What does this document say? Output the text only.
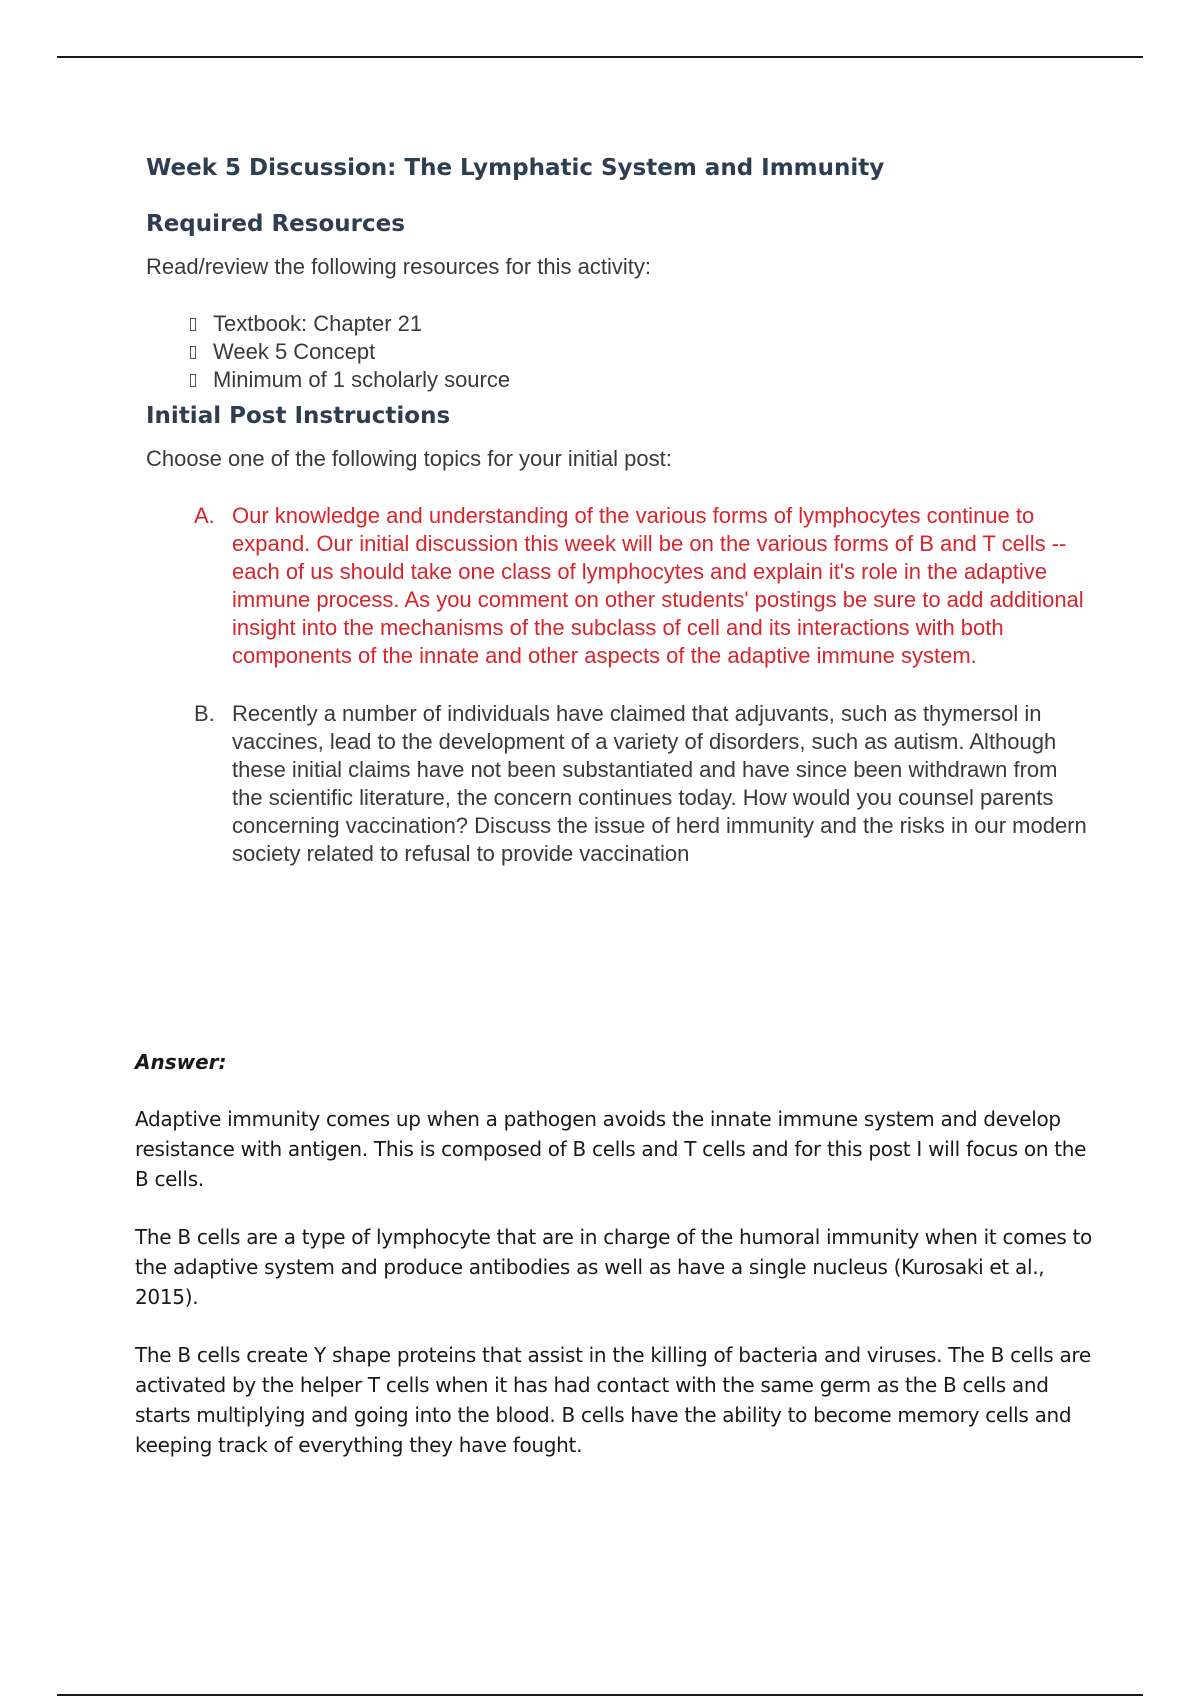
Week 5 Discussion: The Lymphatic System and Immunity
Required Resources

Read/review the following resources for this activity:

Textbook: Chapter 21
Week 5 Concept
Minimum of 1 scholarly source
Initial Post Instructions

Choose one of the following topics for your initial post:

A. Our knowledge and understanding of the various forms of lymphocytes continue to expand. Our initial discussion this week will be on the various forms of B and T cells -- each of us should take one class of lymphocytes and explain it's role in the adaptive immune process. As you comment on other students' postings be sure to add additional insight into the mechanisms of the subclass of cell and its interactions with both components of the innate and other aspects of the adaptive immune system.
B. Recently a number of individuals have claimed that adjuvants, such as thymersol in vaccines, lead to the development of a variety of disorders, such as autism. Although these initial claims have not been substantiated and have since been withdrawn from the scientific literature, the concern continues today. How would you counsel parents concerning vaccination? Discuss the issue of herd immunity and the risks in our modern society related to refusal to provide vaccination

Answer:

Adaptive immunity comes up when a pathogen avoids the innate immune system and develop resistance with antigen. This is composed of B cells and T cells and for this post I will focus on the B cells.

The B cells are a type of lymphocyte that are in charge of the humoral immunity when it comes to the adaptive system and produce antibodies as well as have a single nucleus (Kurosaki et al., 2015).

The B cells create Y shape proteins that assist in the killing of bacteria and viruses. The B cells are activated by the helper T cells when it has had contact with the same germ as the B cells and starts multiplying and going into the blood. B cells have the ability to become memory cells and keeping track of everything they have fought.
